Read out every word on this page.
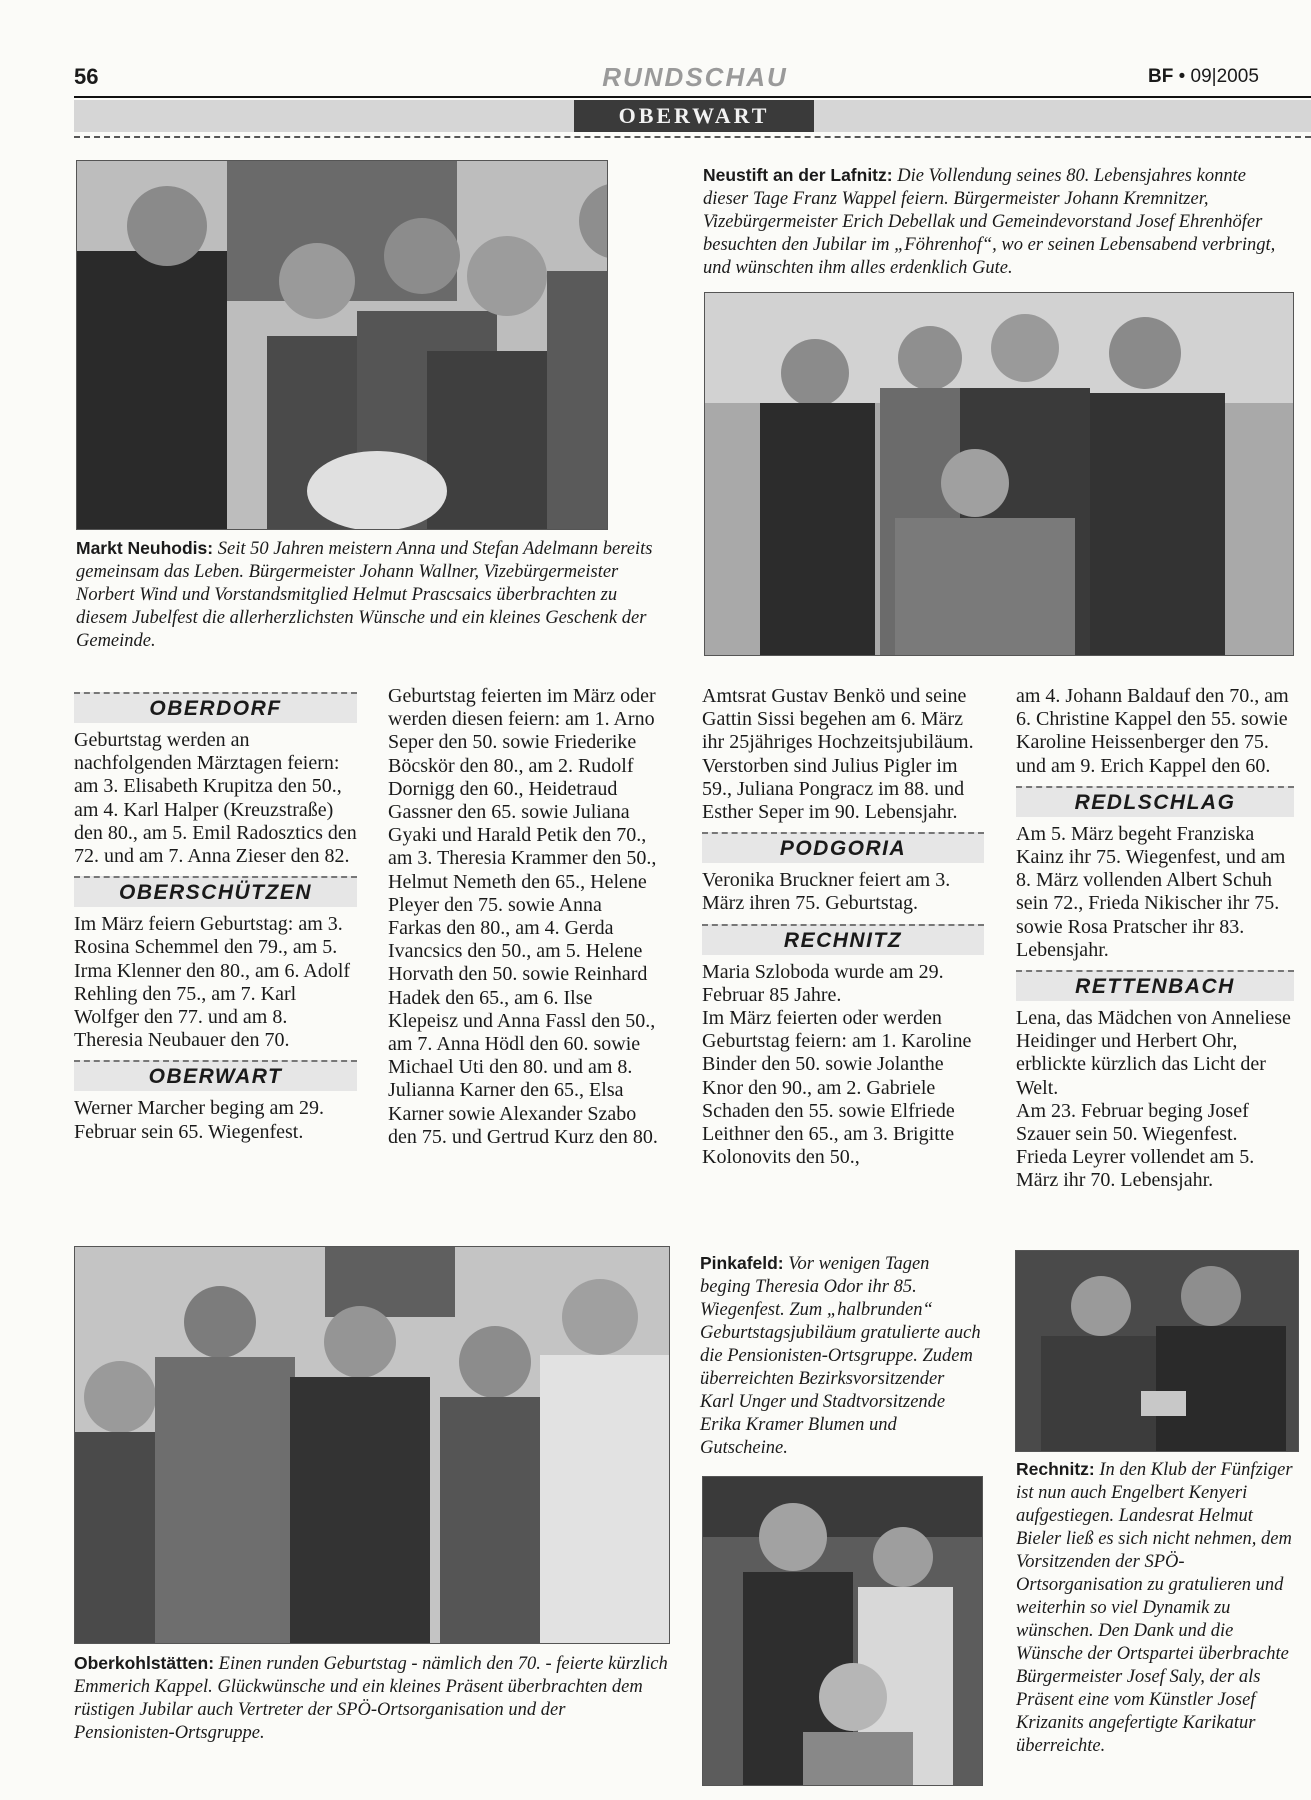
56	RUNDSCHAU	BF • 09|2005
OBERWART
Markt Neuhodis: Seit 50 Jahren meistern Anna und Stefan Adelmann bereits gemeinsam das Leben. Bürgermeister Johann Wallner, Vizebürgermeister Norbert Wind und Vorstandsmitglied Helmut Prascsaics überbrachten zu diesem Jubelfest die allerherzlichsten Wünsche und ein kleines Geschenk der Gemeinde.
Neustift an der Lafnitz: Die Vollendung seines 80. Lebensjahres konnte dieser Tage Franz Wappel feiern. Bürgermeister Johann Kremnitzer, Vizebürgermeister Erich Debellak und Gemeindevorstand Josef Ehrenhöfer besuchten den Jubilar im „Föhrenhof“, wo er seinen Lebensabend verbringt, und wünschten ihm alles erdenklich Gute.
OBERDORF

Geburtstag werden an nachfolgenden Märztagen feiern: am 3. Elisabeth Krupitza den 50., am 4. Karl Halper (Kreuzstraße) den 80., am 5. Emil Radosztics den 72. und am 7. Anna Zieser den 82.

OBERSCHÜTZEN

Im März feiern Geburtstag: am 3. Rosina Schemmel den 79., am 5. Irma Klenner den 80., am 6. Adolf Rehling den 75., am 7. Karl Wolfger den 77. und am 8. Theresia Neubauer den 70.

OBERWART

Werner Marcher beging am 29. Februar sein 65. Wiegenfest.

Geburtstag feierten im März oder werden diesen feiern: am 1. Arno Seper den 50. sowie Friederike Böcskör den 80., am 2. Rudolf Dornigg den 60., Heidetraud Gassner den 65. sowie Juliana Gyaki und Harald Petik den 70., am 3. Theresia Krammer den 50., Helmut Nemeth den 65., Helene Pleyer den 75. sowie Anna Farkas den 80., am 4. Gerda Ivancsics den 50., am 5. Helene Horvath den 50. sowie Reinhard Hadek den 65., am 6. Ilse Klepeisz und Anna Fassl den 50., am 7. Anna Hödl den 60. sowie Michael Uti den 80. und am 8. Julianna Karner den 65., Elsa Karner sowie Alexander Szabo den 75. und Gertrud Kurz den 80.

Amtsrat Gustav Benkö und seine Gattin Sissi begehen am 6. März ihr 25jähriges Hochzeitsjubiläum.

Verstorben sind Julius Pigler im 59., Juliana Pongracz im 88. und Esther Seper im 90. Lebensjahr.

PODGORIA

Veronika Bruckner feiert am 3. März ihren 75. Geburtstag.

RECHNITZ

Maria Szloboda wurde am 29. Februar 85 Jahre.

Im März feierten oder werden Geburtstag feiern: am 1. Karoline Binder den 50. sowie Jolanthe Knor den 90., am 2. Gabriele Schaden den 55. sowie Elfriede Leithner den 65., am 3. Brigitte Kolonovits den 50.,

am 4. Johann Baldauf den 70., am 6. Christine Kappel den 55. sowie Karoline Heissenberger den 75. und am 9. Erich Kappel den 60.

REDLSCHLAG

Am 5. März begeht Franziska Kainz ihr 75. Wiegenfest, und am 8. März vollenden Albert Schuh sein 72., Frieda Nikischer ihr 75. sowie Rosa Pratscher ihr 83. Lebensjahr.

RETTENBACH

Lena, das Mädchen von Anneliese Heidinger und Herbert Ohr, erblickte kürzlich das Licht der Welt.

Am 23. Februar beging Josef Szauer sein 50. Wiegenfest.

Frieda Leyrer vollendet am 5. März ihr 70. Lebensjahr.

Oberkohlstätten: Einen runden Geburtstag - nämlich den 70. - feierte kürzlich Emmerich Kappel. Glückwünsche und ein kleines Präsent überbrachten dem rüstigen Jubilar auch Vertreter der SPÖ-Ortsorganisation und der Pensionisten-Ortsgruppe.
Pinkafeld: Vor wenigen Tagen beging Theresia Odor ihr 85. Wiegenfest. Zum „halbrunden“ Geburtstagsjubiläum gratulierte auch die Pensionisten-Ortsgruppe. Zudem überreichten Bezirksvorsitzender Karl Unger und Stadtvorsitzende Erika Kramer Blumen und Gutscheine.
Rechnitz: In den Klub der Fünfziger ist nun auch Engelbert Kenyeri aufgestiegen. Landesrat Helmut Bieler ließ es sich nicht nehmen, dem Vorsitzenden der SPÖ-Ortsorganisation zu gratulieren und weiterhin so viel Dynamik zu wünschen. Den Dank und die Wünsche der Ortspartei überbrachte Bürgermeister Josef Saly, der als Präsent eine vom Künstler Josef Krizanits angefertigte Karikatur überreichte.
